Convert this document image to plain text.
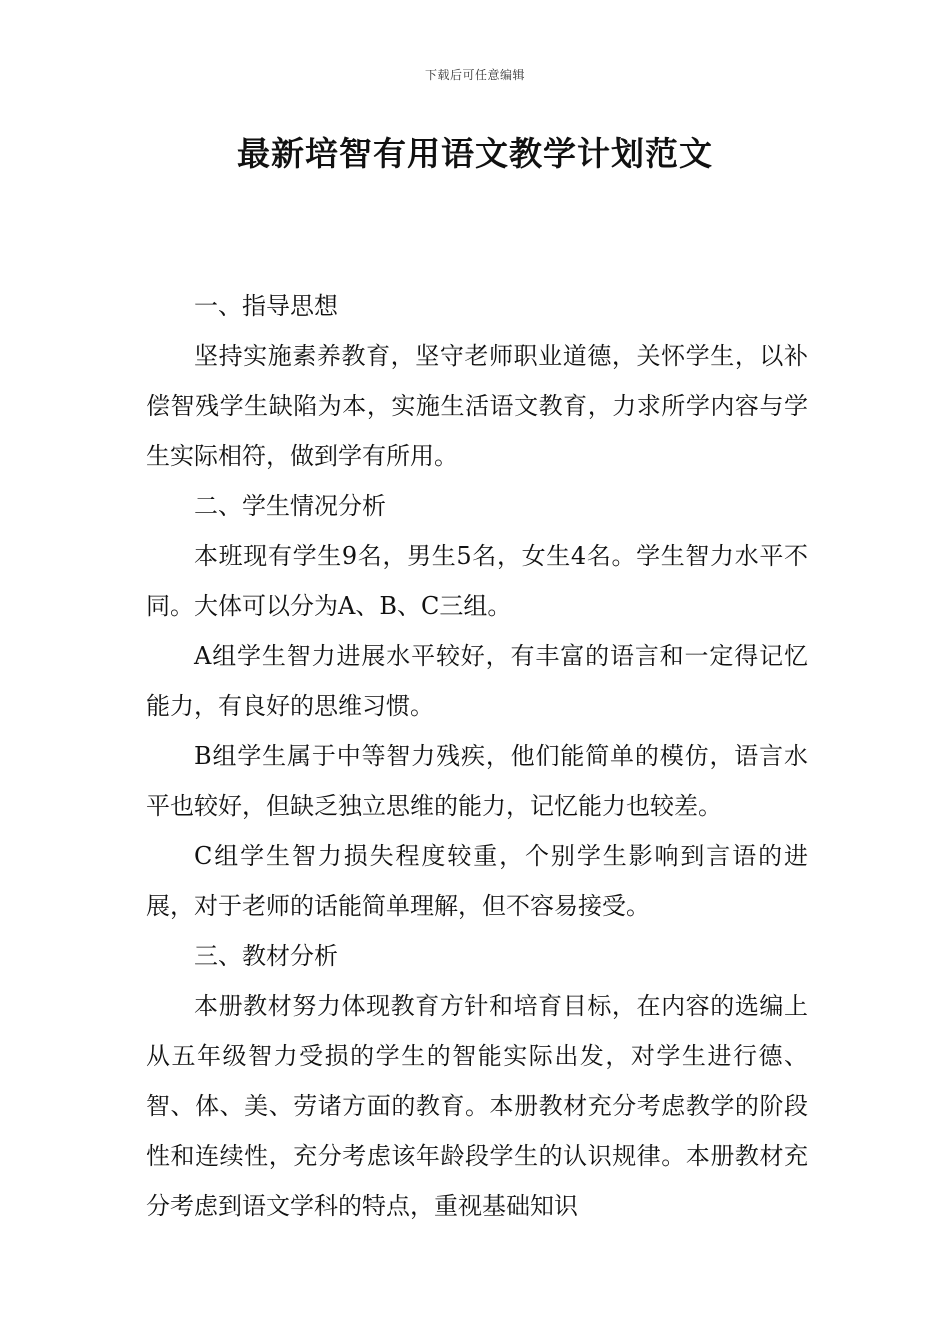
下载后可任意编辑
最新培智有用语文教学计划范文

一、指导思想

坚持实施素养教育，坚守老师职业道德，关怀学生，以补偿智残学生缺陷为本，实施生活语文教育，力求所学内容与学生实际相符，做到学有所用。

二、学生情况分析

本班现有学生9名，男生5名，女生4名。学生智力水平不同。大体可以分为A、B、C三组。

A组学生智力进展水平较好，有丰富的语言和一定得记忆能力，有良好的思维习惯。

B组学生属于中等智力残疾，他们能简单的模仿，语言水平也较好，但缺乏独立思维的能力，记忆能力也较差。

C组学生智力损失程度较重，个别学生影响到言语的进展，对于老师的话能简单理解，但不容易接受。

三、教材分析

本册教材努力体现教育方针和培育目标，在内容的选编上从五年级智力受损的学生的智能实际出发，对学生进行德、智、体、美、劳诸方面的教育。本册教材充分考虑教学的阶段性和连续性，充分考虑该年龄段学生的认识规律。本册教材充分考虑到语文学科的特点，重视基础知识
